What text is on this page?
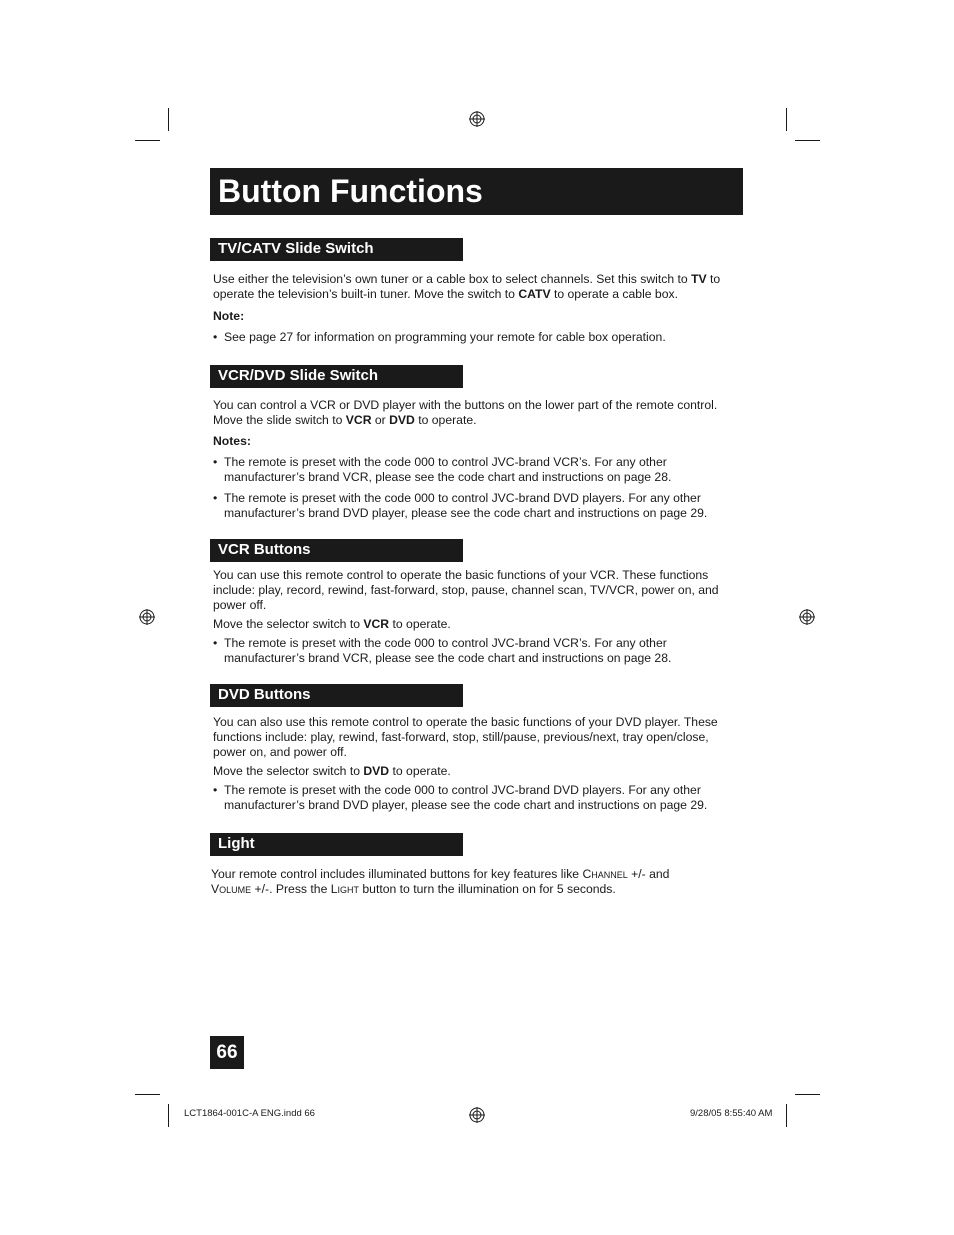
Button Functions
TV/CATV Slide Switch

Use either the television’s own tuner or a cable box to select channels. Set this switch to TV to
operate the television’s built-in tuner. Move the switch to CATV to operate a cable box.

Note:

• See page 27 for information on programming your remote for cable box operation.
VCR/DVD Slide Switch

You can control a VCR or DVD player with the buttons on the lower part of the remote control.
Move the slide switch to VCR or DVD to operate.

Notes:

• The remote is preset with the code 000 to control JVC-brand VCR’s. For any other manufacturer’s brand VCR, please see the code chart and instructions on page 28.
• The remote is preset with the code 000 to control JVC-brand DVD players. For any other manufacturer’s brand DVD player, please see the code chart and instructions on page 29.
VCR Buttons

You can use this remote control to operate the basic functions of your VCR. These functions include: play, record, rewind, fast-forward, stop, pause, channel scan, TV/VCR, power on, and power off.

Move the selector switch to VCR to operate.

• The remote is preset with the code 000 to control JVC-brand VCR’s. For any other manufacturer’s brand VCR, please see the code chart and instructions on page 28.
DVD Buttons

You can also use this remote control to operate the basic functions of your DVD player. These functions include: play, rewind, fast-forward, stop, still/pause, previous/next, tray open/close, power on, and power off.

Move the selector switch to DVD to operate.

• The remote is preset with the code 000 to control JVC-brand DVD players. For any other manufacturer’s brand DVD player, please see the code chart and instructions on page 29.
Light

Your remote control includes illuminated buttons for key features like Channel +/- and
Volume +/-. Press the Light button to turn the illumination on for 5 seconds.

66
LCT1864-001C-A ENG.indd 66	9/28/05 8:55:40 AM
